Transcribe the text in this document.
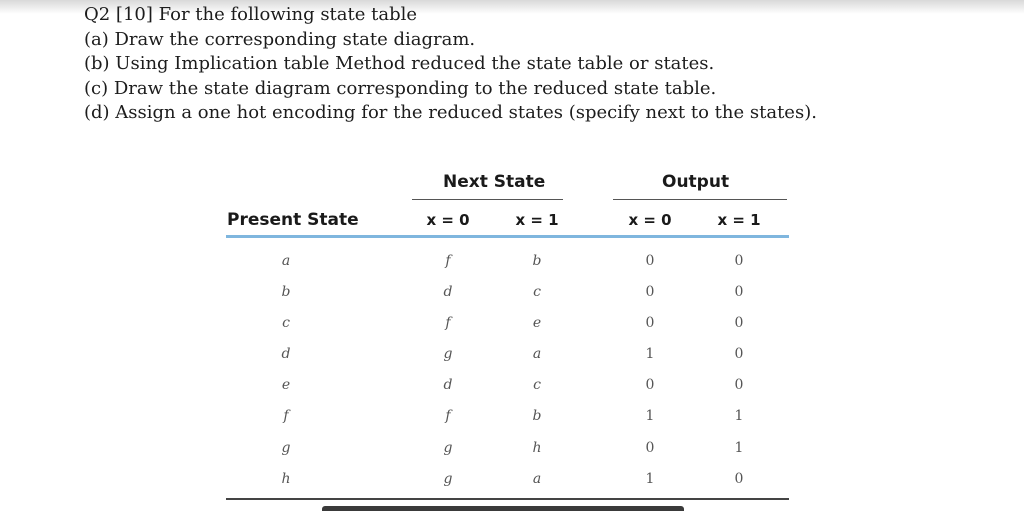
Q2 [10] For the following state table
(a) Draw the corresponding state diagram.
(b) Using Implication table Method reduced the state table or states.
(c) Draw the state diagram corresponding to the reduced state table.
(d) Assign a one hot encoding for the reduced states (specify next to the states).
Next State	Output
Present State	x = 0	x = 1	x = 0	x = 1
a	f	b	0	0
b	d	c	0	0
c	f	e	0	0
d	g	a	1	0
e	d	c	0	0
f	f	b	1	1
g	g	h	0	1
h	g	a	1	0
